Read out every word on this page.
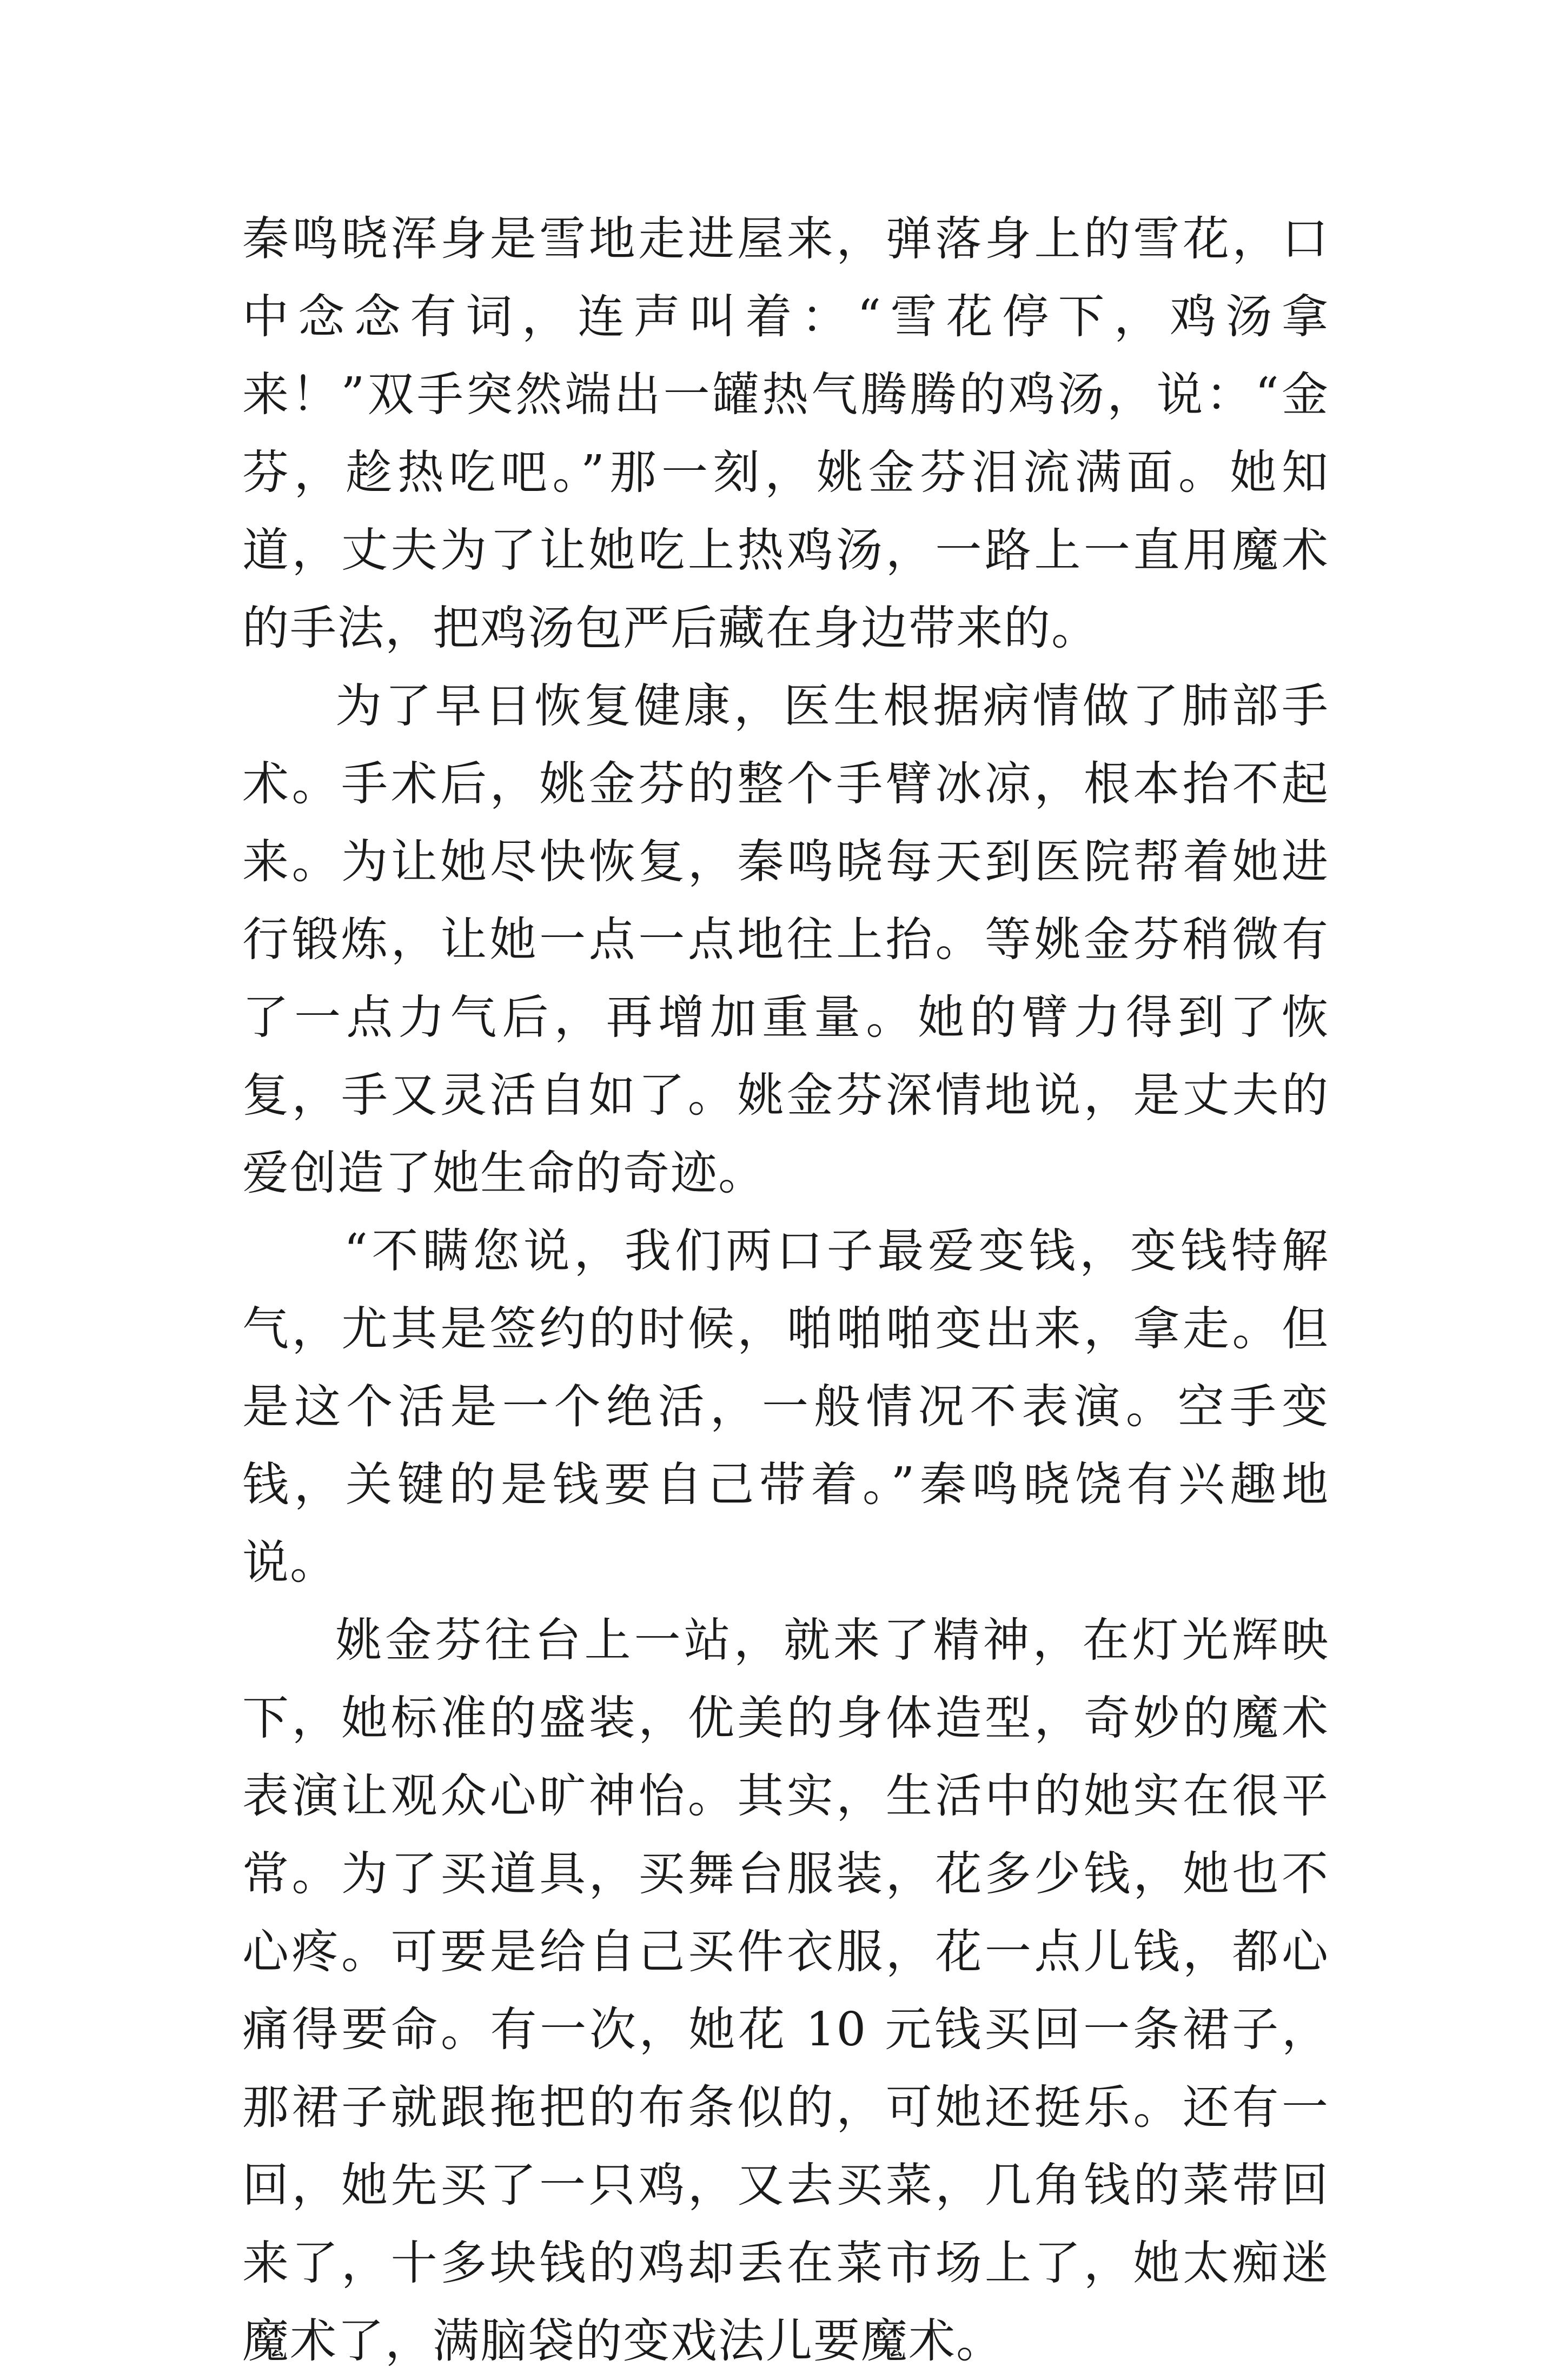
秦鸣晓浑身是雪地走进屋来，弹落身上的雪花，口中念念有词，连声叫着：“雪花停下，鸡汤拿来！”双手突然端出一罐热气腾腾的鸡汤，说：“金芬，趁热吃吧。”那一刻，姚金芬泪流满面。她知道，丈夫为了让她吃上热鸡汤，一路上一直用魔术的手法，把鸡汤包严后藏在身边带来的。

为了早日恢复健康，医生根据病情做了肺部手术。手术后，姚金芬的整个手臂冰凉，根本抬不起来。为让她尽快恢复，秦鸣晓每天到医院帮着她进行锻炼，让她一点一点地往上抬。等姚金芬稍微有了一点力气后，再增加重量。她的臂力得到了恢复，手又灵活自如了。姚金芬深情地说，是丈夫的爱创造了她生命的奇迹。

“不瞒您说，我们两口子最爱变钱，变钱特解气，尤其是签约的时候，啪啪啪变出来，拿走。但是这个活是一个绝活，一般情况不表演。空手变钱，关键的是钱要自己带着。”秦鸣晓饶有兴趣地说。

姚金芬往台上一站，就来了精神，在灯光辉映下，她标准的盛装，优美的身体造型，奇妙的魔术表演让观众心旷神怡。其实，生活中的她实在很平常。为了买道具，买舞台服装，花多少钱，她也不心疼。可要是给自己买件衣服，花一点儿钱，都心痛得要命。有一次，她花 10 元钱买回一条裙子，那裙子就跟拖把的布条似的，可她还挺乐。还有一回，她先买了一只鸡，又去买菜，几角钱的菜带回来了，十多块钱的鸡却丢在菜市场上了，她太痴迷魔术了，满脑袋的变戏法儿要魔术。
